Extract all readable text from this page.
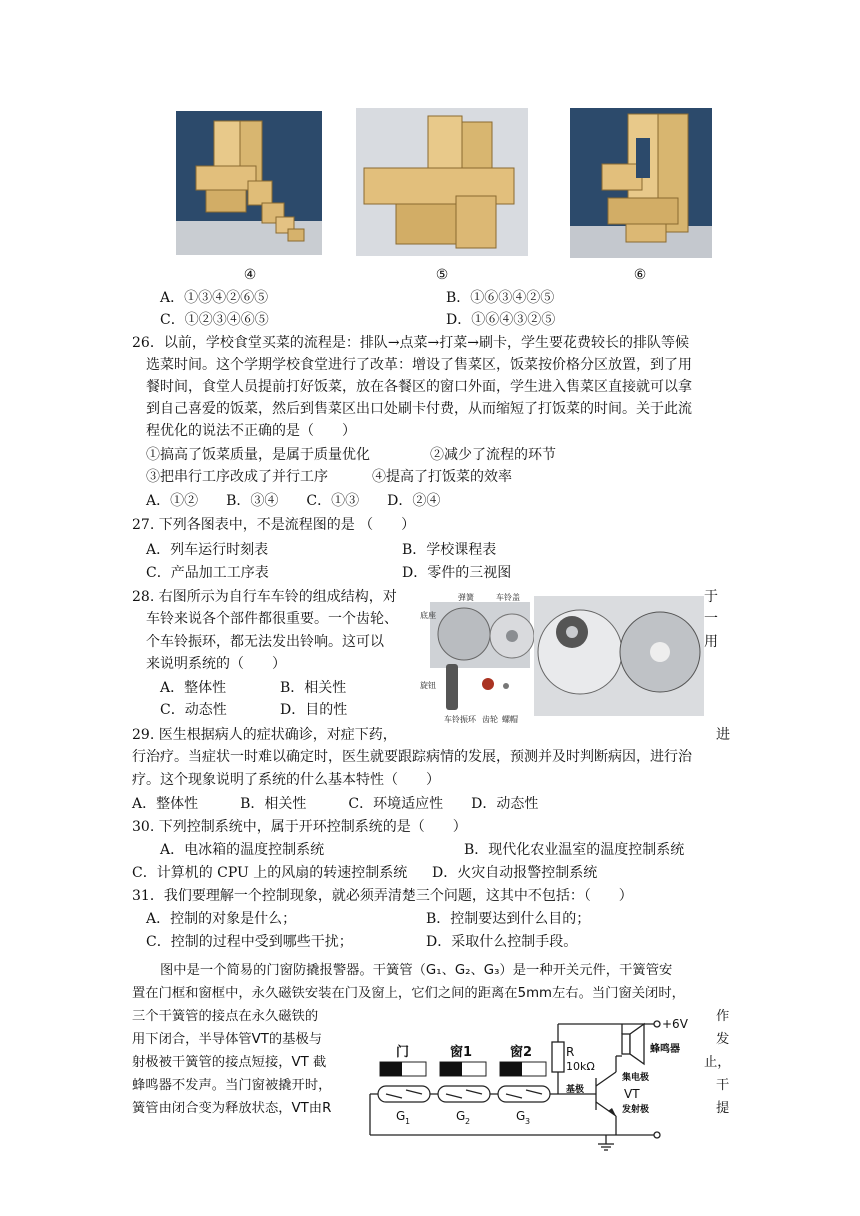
④	⑤	⑥
A．①③④②⑥⑤	B．①⑥③④②⑤
C．①②③④⑥⑤	D．①⑥④③②⑤
26．以前，学校食堂买菜的流程是：排队→点菜→打菜→刷卡，学生要花费较长的排队等候
选菜时间。这个学期学校食堂进行了改革：增设了售菜区，饭菜按价格分区放置，到了用
餐时间，食堂人员提前打好饭菜，放在各餐区的窗口外面，学生进入售菜区直接就可以拿
到自己喜爱的饭菜，然后到售菜区出口处刷卡付费，从而缩短了打饭菜的时间。关于此流
程优化的说法不正确的是（　　）
①搞高了饭菜质量，是属于质量优化	②减少了流程的环节
③把串行工序改成了并行工序	④提高了打饭菜的效率
A．①②　　B．③④　　C．①③　　D．②④
27. 下列各图表中，不是流程图的是 （　　）
A．列车运行时刻表	B．学校课程表
C．产品加工工序表	D．零件的三视图
28. 右图所示为自行车车铃的组成结构，对	于
车铃来说各个部件都很重要。一个齿轮、	一
个车铃振环，都无法发出铃响。这可以	用
来说明系统的（　　）
A．整体性	B．相关性
C．动态性	D．目的性
弹簧	车铃盖
底座
旋钮
车铃振环 齿轮 螺帽
29. 医生根据病人的症状确诊，对症下药，	进
行治疗。当症状一时难以确定时，医生就要跟踪病情的发展，预测并及时判断病因，进行治
疗。这个现象说明了系统的什么基本特性（　　）
A．整体性　　　B．相关性　　　C．环境适应性　　D．动态性
30. 下列控制系统中，属于开环控制系统的是（　　）
A．电冰箱的温度控制系统	B．现代化农业温室的温度控制系统
C．计算机的 CPU 上的风扇的转速控制系统 D．火灾自动报警控制系统
31．我们要理解一个控制现象，就必须弄清楚三个问题，这其中不包括：（　　）
A．控制的对象是什么；	B．控制要达到什么目的；
C．控制的过程中受到哪些干扰；	D．采取什么控制手段。
图中是一个简易的门窗防撬报警器。干簧管（G₁、G₂、G₃）是一种开关元件，干簧管安
置在门框和窗框中，永久磁铁安装在门及窗上，它们之间的距离在5mm左右。当门窗关闭时，
三个干簧管的接点在永久磁铁的	作
用下闭合，半导体管VT的基极与	发
射极被干簧管的接点短接，VT 截	止，
蜂鸣器不发声。当门窗被撬开时，	干
簧管由闭合变为释放状态，VT由R	提
门	窗1	窗2
G 1	G 2	G 3
+6V
R
10kΩ
VT
蜂鸣器
基极
集电极
发射极
